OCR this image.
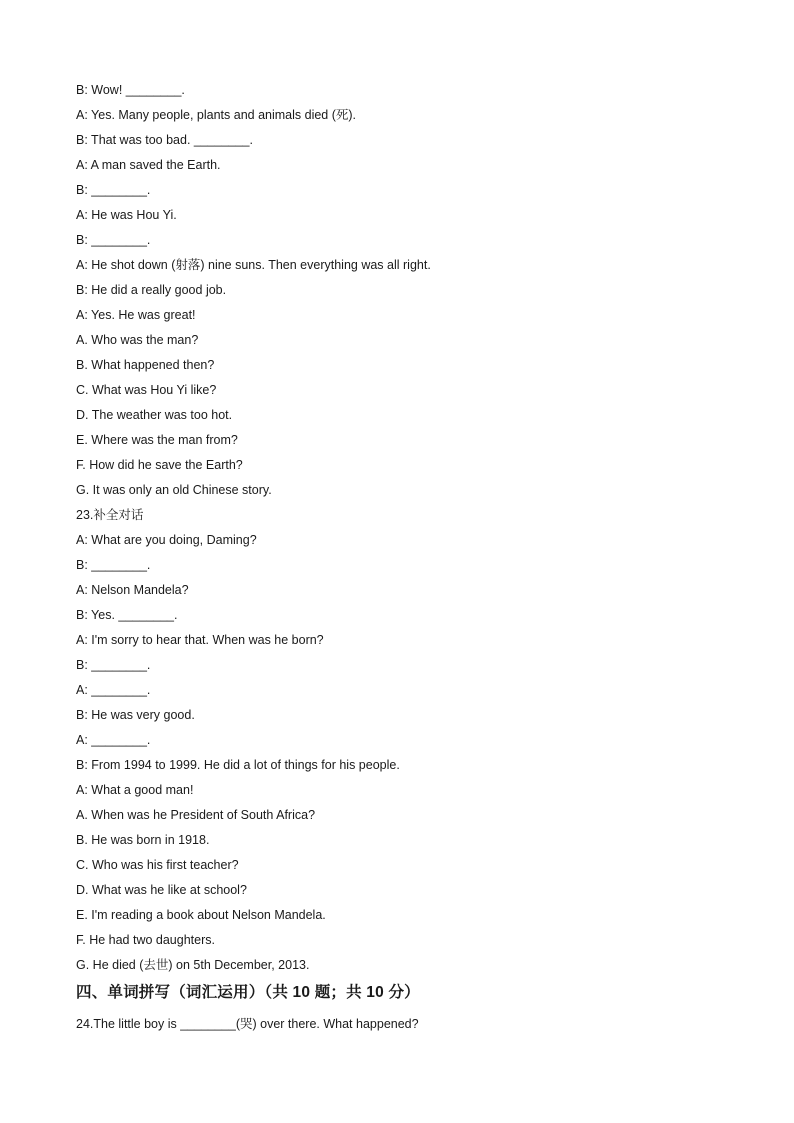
B: Wow! ________.
A: Yes. Many people, plants and animals died (死).
B: That was too bad. ________.
A: A man saved the Earth.
B: ________.
A: He was Hou Yi.
B: ________.
A: He shot down (射落) nine suns. Then everything was all right.
B: He did a really good job.
A: Yes. He was great!
A. Who was the man?
B. What happened then?
C. What was Hou Yi like?
D. The weather was too hot.
E. Where was the man from?
F. How did he save the Earth?
G. It was only an old Chinese story.
23.补全对话
A: What are you doing, Daming?
B: ________.
A: Nelson Mandela?
B: Yes. ________.
A: I'm sorry to hear that. When was he born?
B: ________.
A: ________.
B: He was very good.
A: ________.
B: From 1994 to 1999. He did a lot of things for his people.
A: What a good man!
A. When was he President of South Africa?
B. He was born in 1918.
C. Who was his first teacher?
D. What was he like at school?
E. I'm reading a book about Nelson Mandela.
F. He had two daughters.
G. He died (去世) on 5th December, 2013.
四、单词拼写（词汇运用）（共 10 题；共 10 分）
24.The little boy is ________(哭) over there. What happened?
